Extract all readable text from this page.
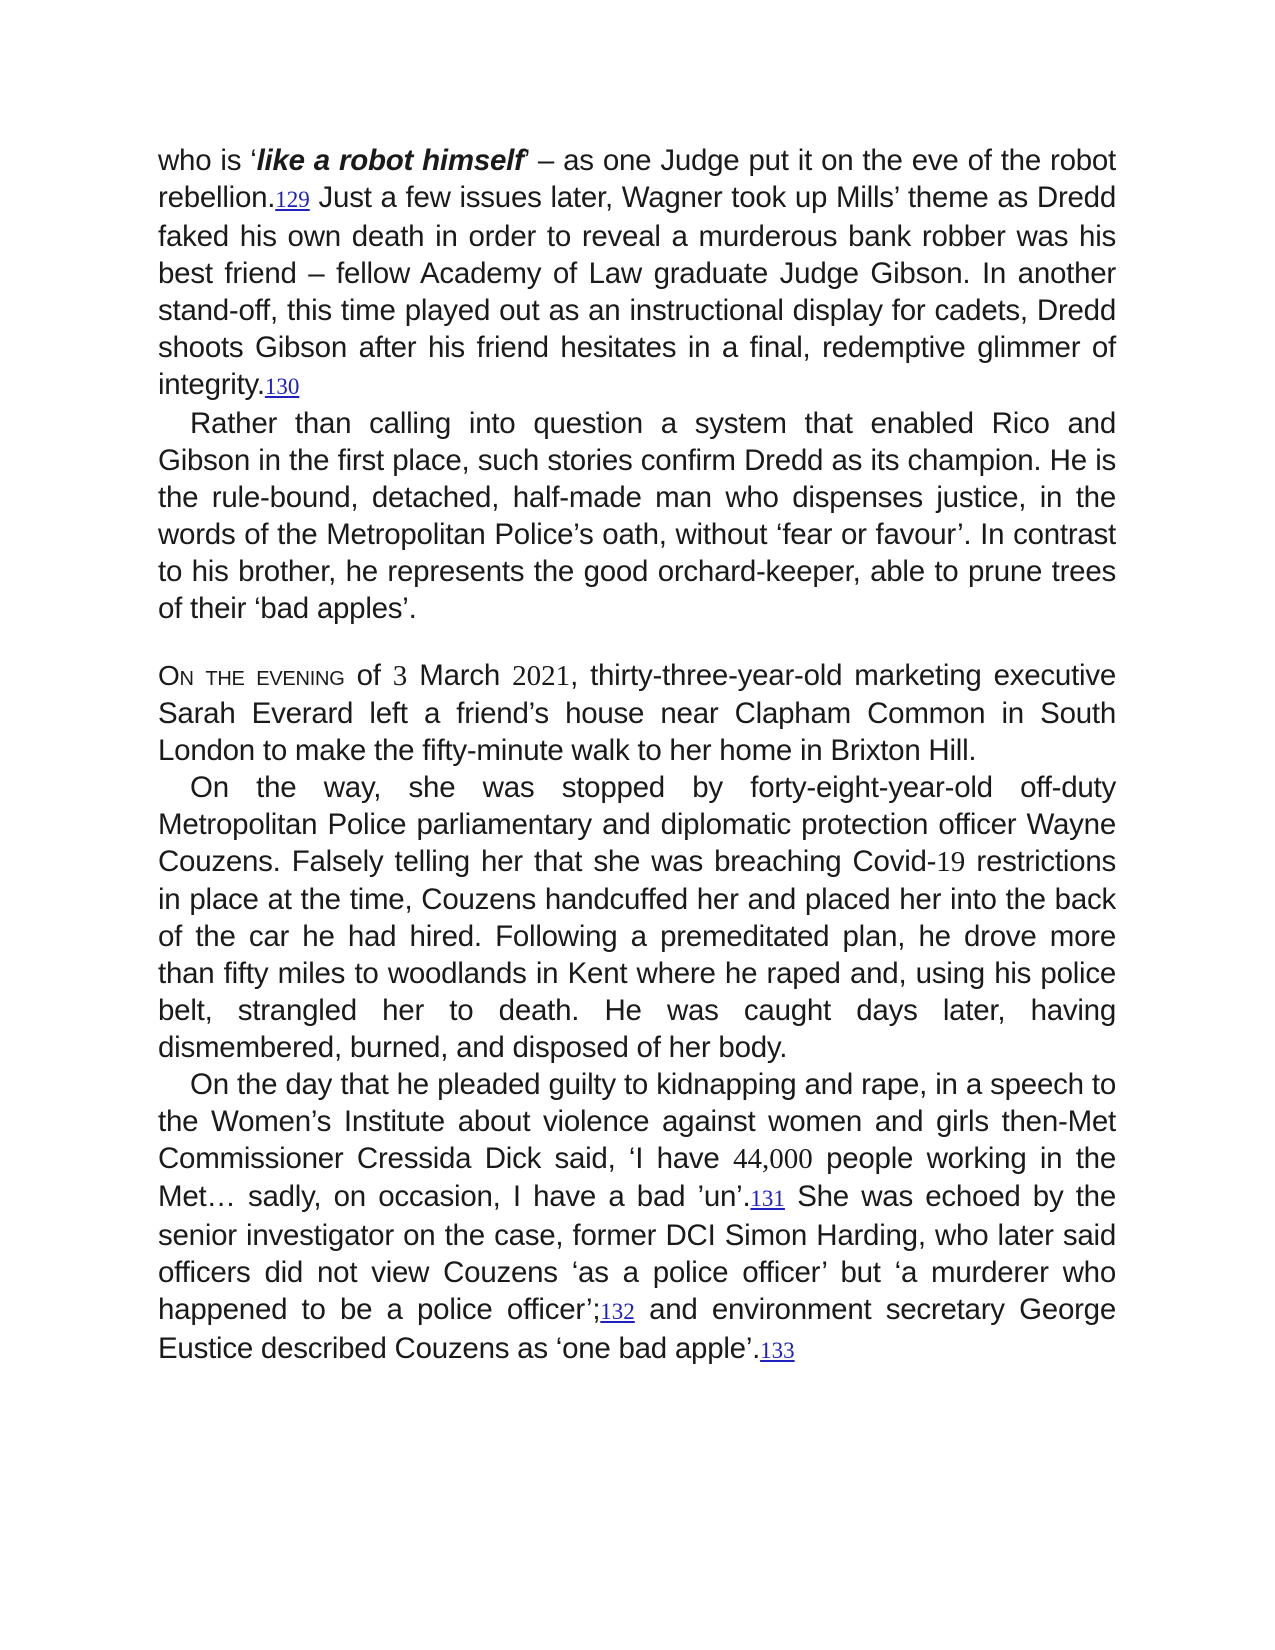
who is ‘like a robot himself’ – as one Judge put it on the eve of the robot rebellion.129 Just a few issues later, Wagner took up Mills’ theme as Dredd faked his own death in order to reveal a murderous bank robber was his best friend – fellow Academy of Law graduate Judge Gibson. In another stand-off, this time played out as an instructional display for cadets, Dredd shoots Gibson after his friend hesitates in a final, redemptive glimmer of integrity.130

Rather than calling into question a system that enabled Rico and Gibson in the first place, such stories confirm Dredd as its champion. He is the rule-bound, detached, half-made man who dispenses justice, in the words of the Metropolitan Police’s oath, without ‘fear or favour’. In contrast to his brother, he represents the good orchard-keeper, able to prune trees of their ‘bad apples’.

On the evening of 3 March 2021, thirty-three-year-old marketing executive Sarah Everard left a friend’s house near Clapham Common in South London to make the fifty-minute walk to her home in Brixton Hill.

On the way, she was stopped by forty-eight-year-old off-duty Metropolitan Police parliamentary and diplomatic protection officer Wayne Couzens. Falsely telling her that she was breaching Covid-19 restrictions in place at the time, Couzens handcuffed her and placed her into the back of the car he had hired. Following a premeditated plan, he drove more than fifty miles to woodlands in Kent where he raped and, using his police belt, strangled her to death. He was caught days later, having dismembered, burned, and disposed of her body.

On the day that he pleaded guilty to kidnapping and rape, in a speech to the Women’s Institute about violence against women and girls then-Met Commissioner Cressida Dick said, ‘I have 44,000 people working in the Met… sadly, on occasion, I have a bad ’un’.131 She was echoed by the senior investigator on the case, former DCI Simon Harding, who later said officers did not view Couzens ‘as a police officer’ but ‘a murderer who happened to be a police officer’;132 and environment secretary George Eustice described Couzens as ‘one bad apple’.133
